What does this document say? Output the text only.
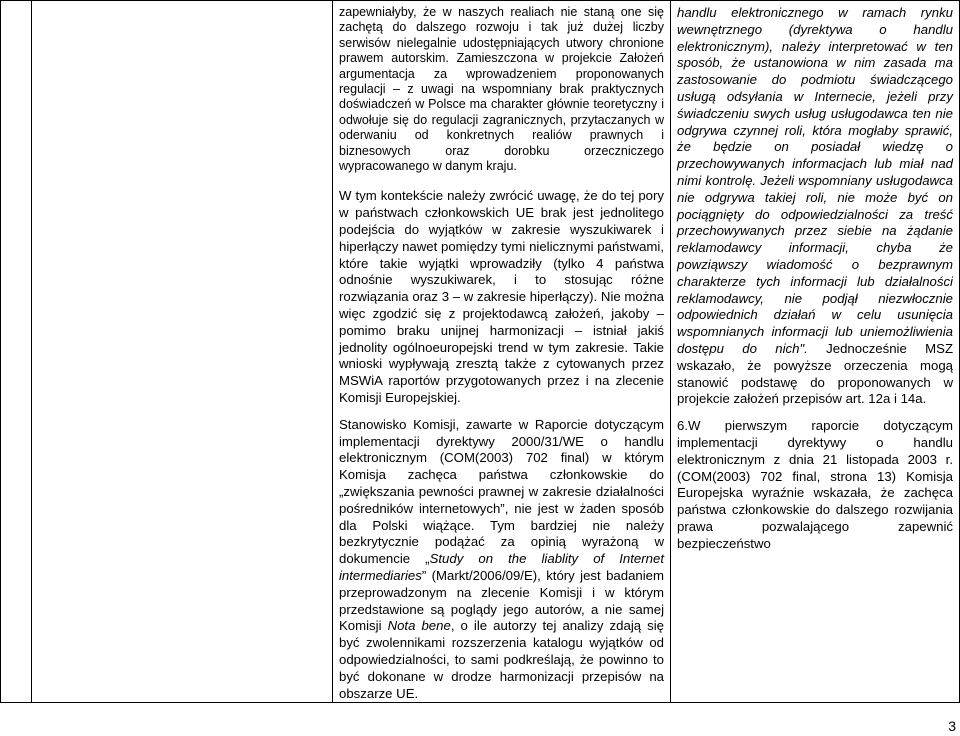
zapewniałyby, że w naszych realiach nie staną one się zachętą do dalszego rozwoju i tak już dużej liczby serwisów nielegalnie udostępniających utwory chronione prawem autorskim. Zamieszczona w projekcie Założeń argumentacja za wprowadzeniem proponowanych regulacji – z uwagi na wspomniany brak praktycznych doświadczeń w Polsce ma charakter głównie teoretyczny i odwołuje się do regulacji zagranicznych, przytaczanych w oderwaniu od konkretnych realiów prawnych i biznesowych oraz dorobku orzeczniczego wypracowanego w danym kraju.

W tym kontekście należy zwrócić uwagę, że do tej pory w państwach członkowskich UE brak jest jednolitego podejścia do wyjątków w zakresie wyszukiwarek i hiperłączy nawet pomiędzy tymi nielicznymi państwami, które takie wyjątki wprowadziły (tylko 4 państwa odnośnie wyszukiwarek, i to stosując różne rozwiązania oraz 3 – w zakresie hiperłączy). Nie można więc zgodzić się z projektodawcą założeń, jakoby – pomimo braku unijnej harmonizacji – istniał jakiś jednolity ogólnoeuropejski trend w tym zakresie. Takie wnioski wypływają zresztą także z cytowanych przez MSWiA raportów przygotowanych przez i na zlecenie Komisji Europejskiej.

Stanowisko Komisji, zawarte w Raporcie dotyczącym implementacji dyrektywy 2000/31/WE o handlu elektronicznym (COM(2003) 702 final) w którym Komisja zachęca państwa członkowskie do „zwiększania pewności prawnej w zakresie działalności pośredników internetowych”, nie jest w żaden sposób dla Polski wiążące. Tym bardziej nie należy bezkrytycznie podążać za opinią wyrażoną w dokumencie „Study on the liablity of Internet intermediaries” (Markt/2006/09/E), który jest badaniem przeprowadzonym na zlecenie Komisji i w którym przedstawione są poglądy jego autorów, a nie samej Komisji Nota bene, o ile autorzy tej analizy zdają się być zwolennikami rozszerzenia katalogu wyjątków od odpowiedzialności, to sami podkreślają, że powinno to być dokonane w drodze harmonizacji przepisów na obszarze UE.

handlu elektronicznego w ramach rynku wewnętrznego (dyrektywa o handlu elektronicznym), należy interpretować w ten sposób, że ustanowiona w nim zasada ma zastosowanie do podmiotu świadczącego usługą odsyłania w Internecie, jeżeli przy świadczeniu swych usług usługodawca ten nie odgrywa czynnej roli, która mogłaby sprawić, że będzie on posiadał wiedzę o przechowywanych informacjach lub miał nad nimi kontrolę. Jeżeli wspomniany usługodawca nie odgrywa takiej roli, nie może być on pociągnięty do odpowiedzialności za treść przechowywanych przez siebie na żądanie reklamodawcy informacji, chyba że powziąwszy wiadomość o bezprawnym charakterze tych informacji lub działalności reklamodawcy, nie podjął niezwłocznie odpowiednich działań w celu usunięcia wspomnianych informacji lub uniemożliwienia dostępu do nich". Jednocześnie MSZ wskazało, że powyższe orzeczenia mogą stanowić podstawę do proponowanych w projekcie założeń przepisów art. 12a i 14a.

6.W pierwszym raporcie dotyczącym implementacji dyrektywy o handlu elektronicznym z dnia 21 listopada 2003 r. (COM(2003) 702 final, strona 13) Komisja Europejska wyraźnie wskazała, że zachęca państwa członkowskie do dalszego rozwijania prawa pozwalającego zapewnić bezpieczeństwo

3
